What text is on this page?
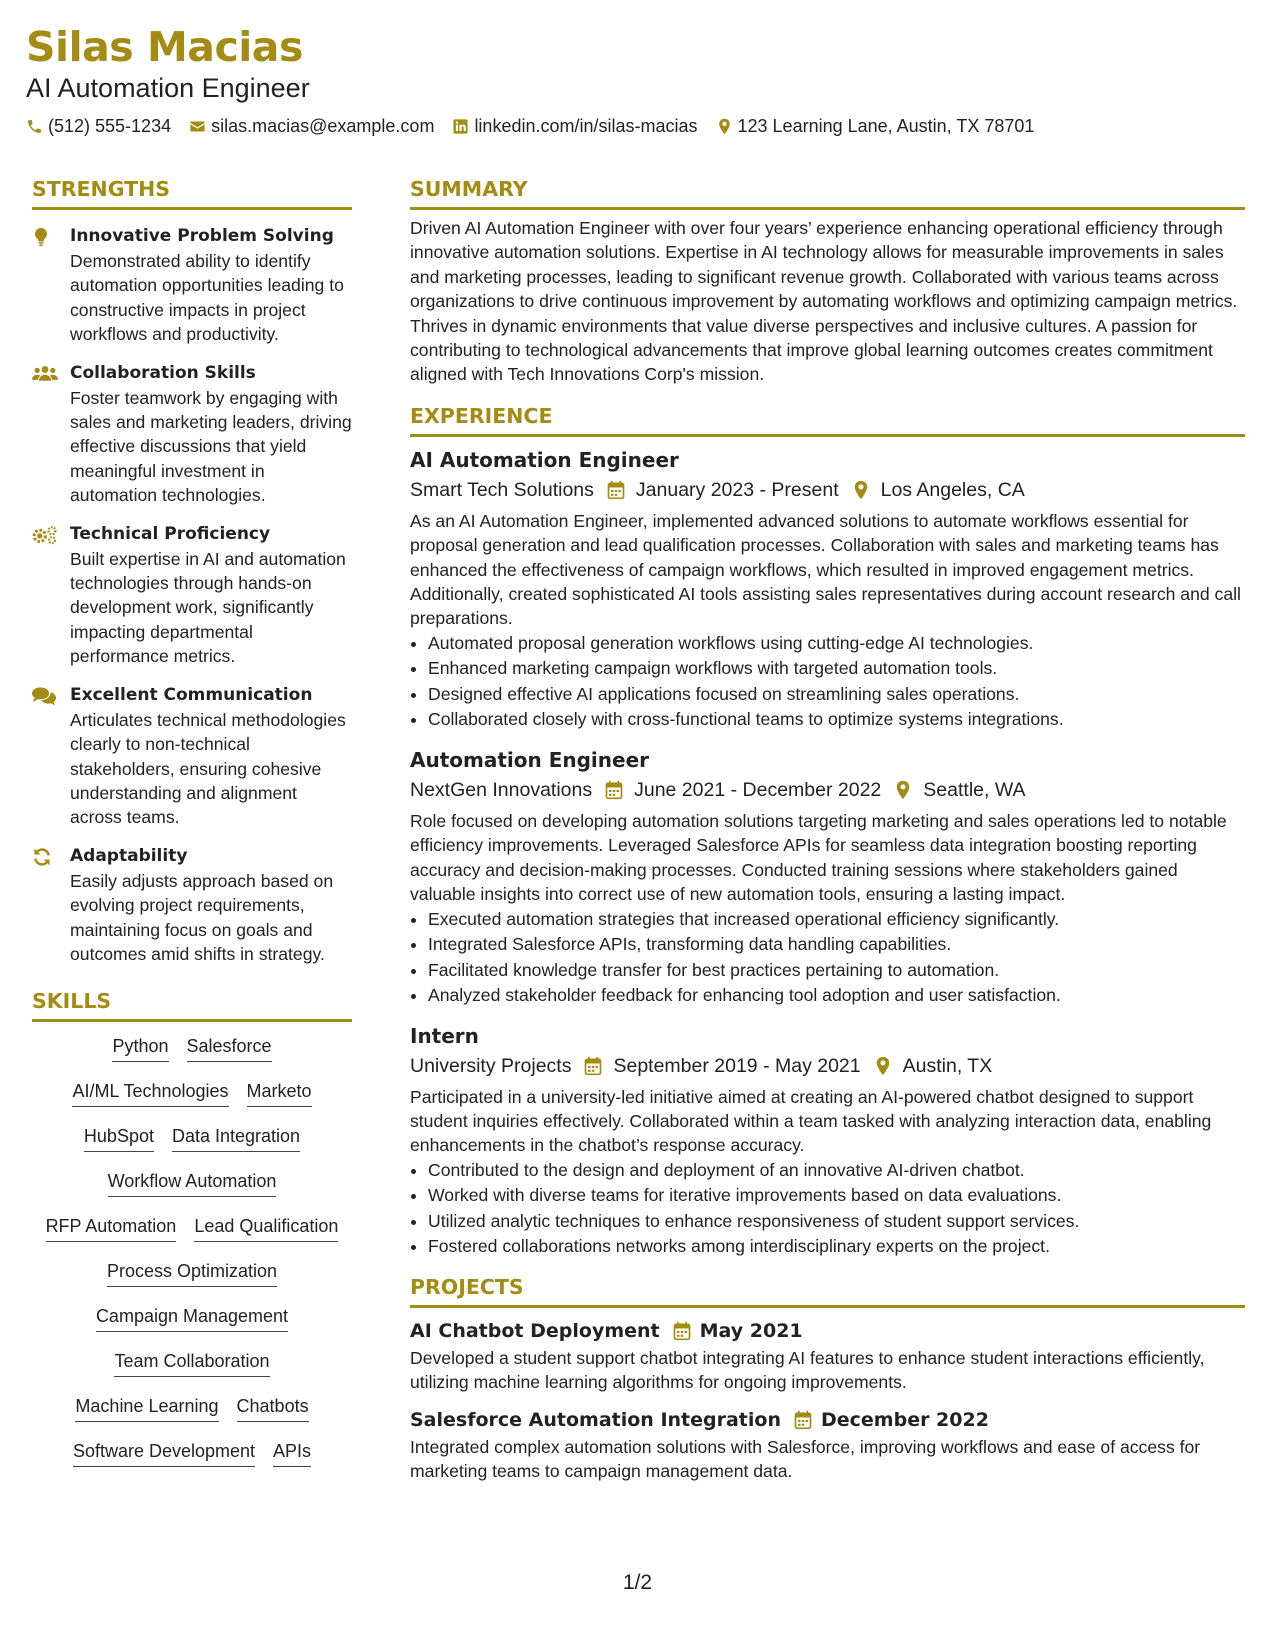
Silas Macias
AI Automation Engineer
(512) 555-1234 silas.macias@example.com linkedin.com/in/silas-macias 123 Learning Lane, Austin, TX 78701
STRENGTHS
Innovative Problem Solving
Demonstrated ability to identify automation opportunities leading to constructive impacts in project workflows and productivity.
Collaboration Skills
Foster teamwork by engaging with sales and marketing leaders, driving effective discussions that yield meaningful investment in automation technologies.
Technical Proficiency
Built expertise in AI and automation technologies through hands-on development work, significantly impacting departmental performance metrics.
Excellent Communication
Articulates technical methodologies clearly to non-technical stakeholders, ensuring cohesive understanding and alignment across teams.
Adaptability
Easily adjusts approach based on evolving project requirements, maintaining focus on goals and outcomes amid shifts in strategy.
SKILLS
Python Salesforce
AI/ML Technologies Marketo
HubSpot Data Integration
Workflow Automation
RFP Automation Lead Qualification
Process Optimization
Campaign Management
Team Collaboration
Machine Learning Chatbots
Software Development APIs
SUMMARY
Driven AI Automation Engineer with over four years’ experience enhancing operational efficiency through innovative automation solutions. Expertise in AI technology allows for measurable improvements in sales and marketing processes, leading to significant revenue growth. Collaborated with various teams across organizations to drive continuous improvement by automating workflows and optimizing campaign metrics. Thrives in dynamic environments that value diverse perspectives and inclusive cultures. A passion for contributing to technological advancements that improve global learning outcomes creates commitment aligned with Tech Innovations Corp's mission.
EXPERIENCE
AI Automation Engineer
Smart Tech Solutions January 2023 - Present Los Angeles, CA
As an AI Automation Engineer, implemented advanced solutions to automate workflows essential for proposal generation and lead qualification processes. Collaboration with sales and marketing teams has enhanced the effectiveness of campaign workflows, which resulted in improved engagement metrics. Additionally, created sophisticated AI tools assisting sales representatives during account research and call preparations.
• Automated proposal generation workflows using cutting-edge AI technologies.
• Enhanced marketing campaign workflows with targeted automation tools.
• Designed effective AI applications focused on streamlining sales operations.
• Collaborated closely with cross-functional teams to optimize systems integrations.
Automation Engineer
NextGen Innovations June 2021 - December 2022 Seattle, WA
Role focused on developing automation solutions targeting marketing and sales operations led to notable efficiency improvements. Leveraged Salesforce APIs for seamless data integration boosting reporting accuracy and decision-making processes. Conducted training sessions where stakeholders gained valuable insights into correct use of new automation tools, ensuring a lasting impact.
• Executed automation strategies that increased operational efficiency significantly.
• Integrated Salesforce APIs, transforming data handling capabilities.
• Facilitated knowledge transfer for best practices pertaining to automation.
• Analyzed stakeholder feedback for enhancing tool adoption and user satisfaction.
Intern
University Projects September 2019 - May 2021 Austin, TX
Participated in a university-led initiative aimed at creating an AI-powered chatbot designed to support student inquiries effectively. Collaborated within a team tasked with analyzing interaction data, enabling enhancements in the chatbot’s response accuracy.
• Contributed to the design and deployment of an innovative AI-driven chatbot.
• Worked with diverse teams for iterative improvements based on data evaluations.
• Utilized analytic techniques to enhance responsiveness of student support services.
• Fostered collaborations networks among interdisciplinary experts on the project.
PROJECTS
AI Chatbot Deployment May 2021
Developed a student support chatbot integrating AI features to enhance student interactions efficiently, utilizing machine learning algorithms for ongoing improvements.
Salesforce Automation Integration December 2022
Integrated complex automation solutions with Salesforce, improving workflows and ease of access for marketing teams to campaign management data.
1/2
